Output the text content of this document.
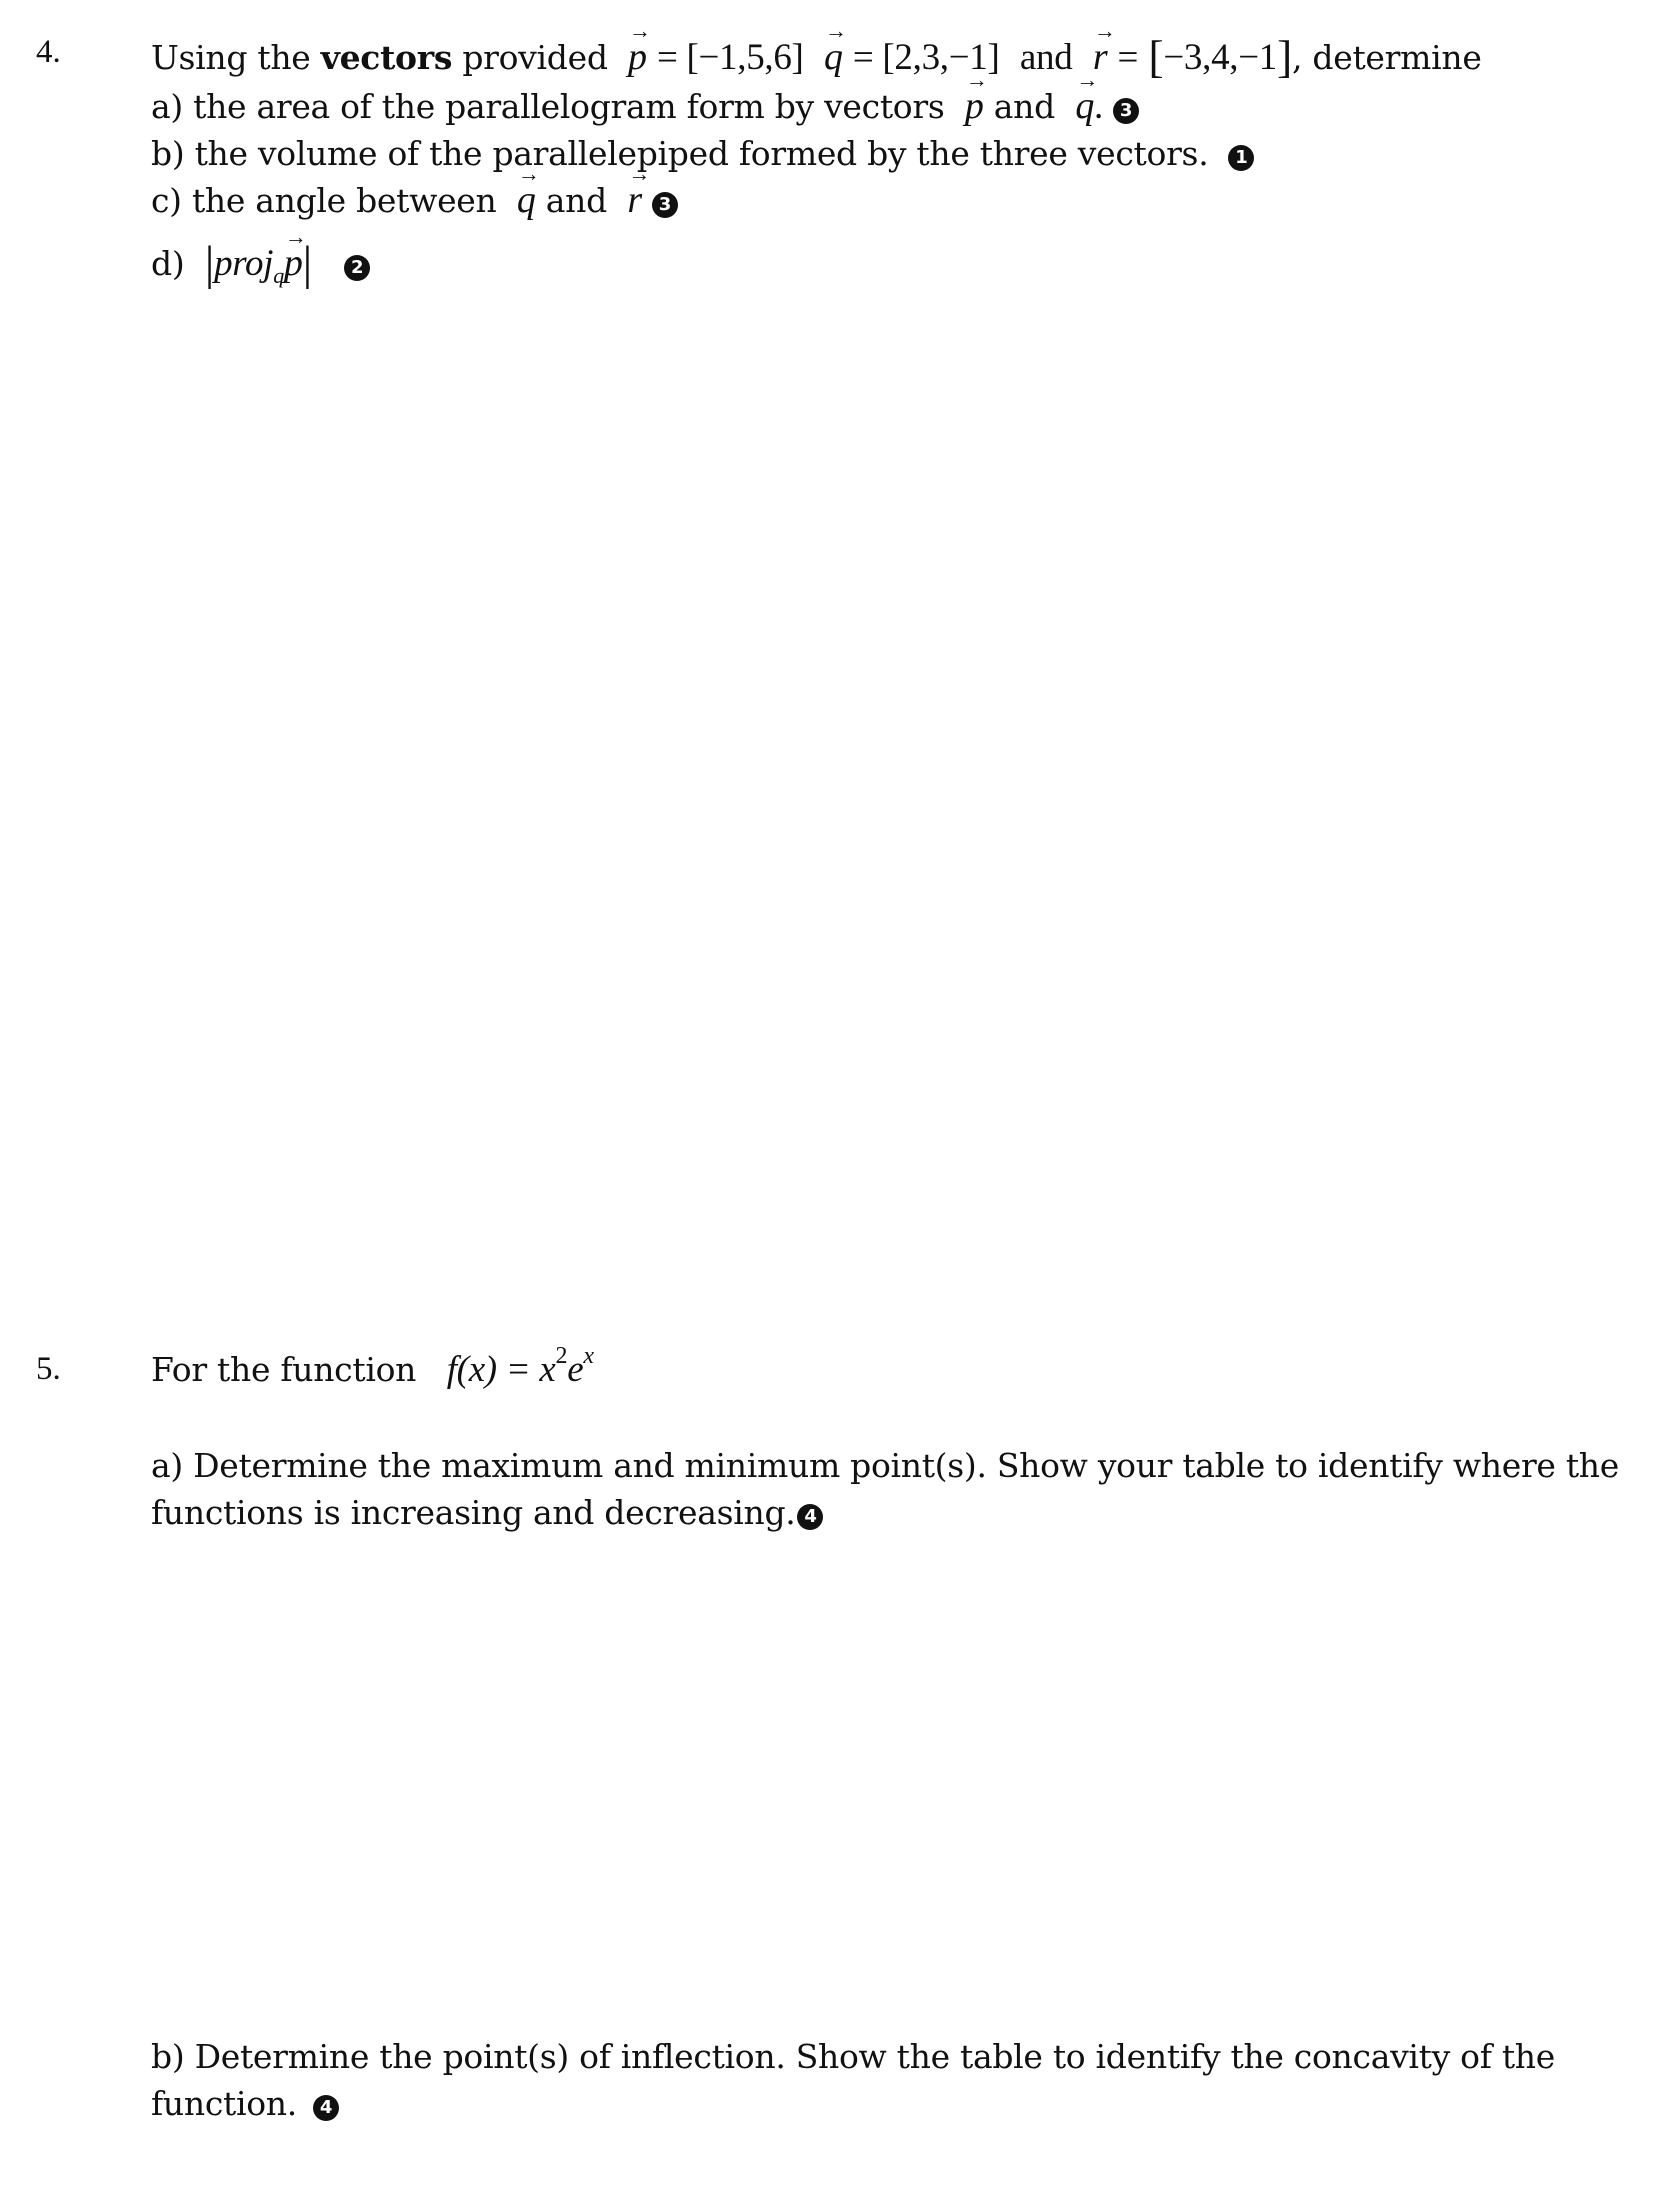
4.	Using the vectors provided → p = [−1,5,6] → q = [2,3,−1] and → r = [−3,4,−1], determine
a) the area of the parallelogram form by vectors → p and → q. 3
b) the volume of the parallelepiped formed by the three vectors. 1
c) the angle between → q and → r 3
d) |proj$_q$→ p| 2
5.	For the function $f(x) = x^2e^x$
a) Determine the maximum and minimum point(s). Show your table to identify where the functions is increasing and decreasing. 4
b) Determine the point(s) of inflection. Show the table to identify the concavity of the function. 4
